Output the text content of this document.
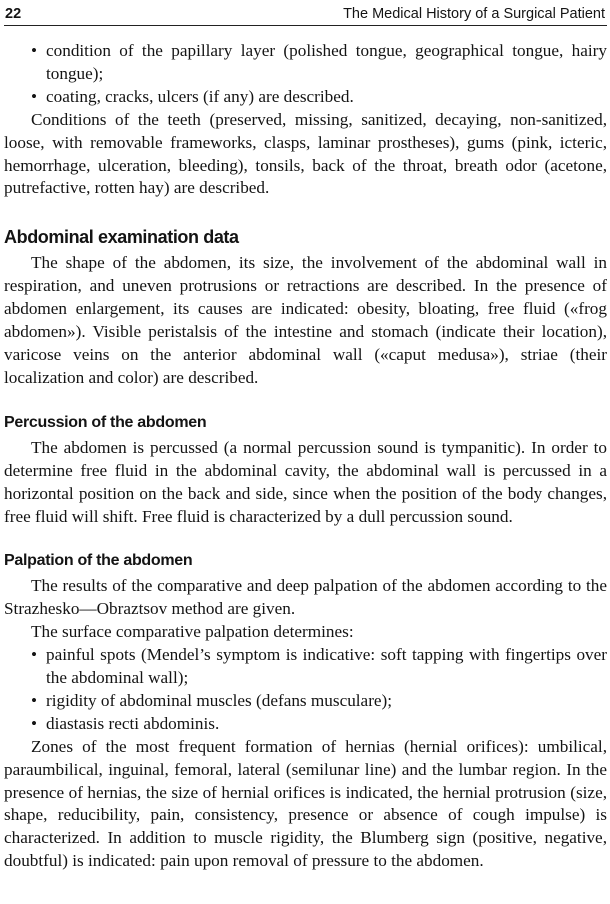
22	The Medical History of a Surgical Patient
• condition of the papillary layer (polished tongue, geographical tongue, hairy tongue);
• coating, cracks, ulcers (if any) are described.

Conditions of the teeth (preserved, missing, sanitized, decaying, non-sanitized, loose, with removable frameworks, clasps, laminar prostheses), gums (pink, icteric, hemorrhage, ulceration, bleeding), tonsils, back of the throat, breath odor (acetone, putrefactive, rotten hay) are described.

Abdominal examination data

The shape of the abdomen, its size, the involvement of the abdominal wall in respiration, and uneven protrusions or retractions are described. In the presence of abdomen enlargement, its causes are indicated: obesity, bloating, free fluid («frog abdomen»). Visible peristalsis of the intestine and stomach (indicate their location), varicose veins on the anterior abdominal wall («caput medusa»), striae (their localization and color) are described.

Percussion of the abdomen

The abdomen is percussed (a normal percussion sound is tympanitic). In order to determine free fluid in the abdominal cavity, the abdominal wall is percussed in a horizontal position on the back and side, since when the position of the body changes, free fluid will shift. Free fluid is characterized by a dull percussion sound.

Palpation of the abdomen

The results of the comparative and deep palpation of the abdomen according to the Strazhesko—Obraztsov method are given.

The surface comparative palpation determines:

• painful spots (Mendel’s symptom is indicative: soft tapping with fingertips over the abdominal wall);
• rigidity of abdominal muscles (defans musculare);
• diastasis recti abdominis.

Zones of the most frequent formation of hernias (hernial orifices): umbilical, paraumbilical, inguinal, femoral, lateral (semilunar line) and the lumbar region. In the presence of hernias, the size of hernial orifices is indicated, the hernial protrusion (size, shape, reducibility, pain, consistency, presence or absence of cough impulse) is characterized. In addition to muscle rigidity, the Blumberg sign (positive, negative, doubtful) is indicated: pain upon removal of pressure to the abdomen.
